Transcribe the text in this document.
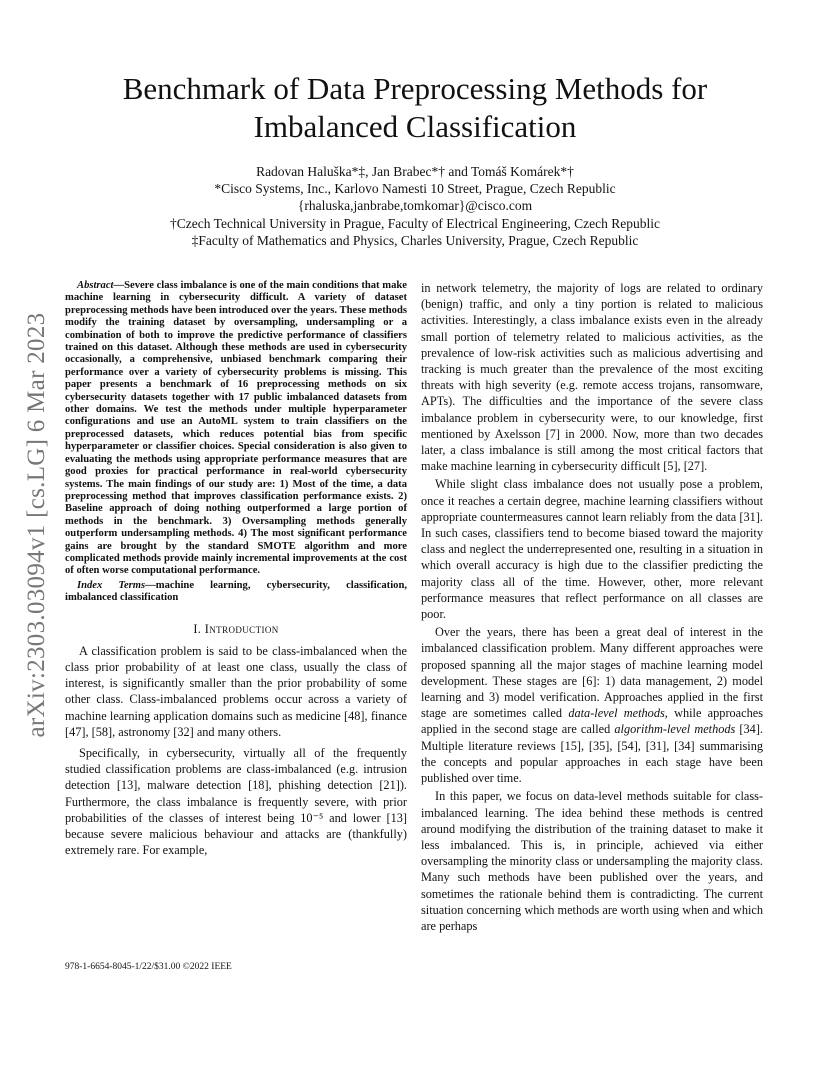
arXiv:2303.03094v1 [cs.LG] 6 Mar 2023
Benchmark of Data Preprocessing Methods for
Imbalanced Classification
Radovan Haluška*‡, Jan Brabec*† and Tomáš Komárek*†
*Cisco Systems, Inc., Karlovo Namesti 10 Street, Prague, Czech Republic
{rhaluska,janbrabe,tomkomar}@cisco.com
†Czech Technical University in Prague, Faculty of Electrical Engineering, Czech Republic
‡Faculty of Mathematics and Physics, Charles University, Prague, Czech Republic

Abstract—Severe class imbalance is one of the main conditions that make machine learning in cybersecurity difficult. A variety of dataset preprocessing methods have been introduced over the years. These methods modify the training dataset by oversampling, undersampling or a combination of both to improve the predictive performance of classifiers trained on this dataset. Although these methods are used in cybersecurity occasionally, a comprehensive, unbiased benchmark comparing their performance over a variety of cybersecurity problems is missing. This paper presents a benchmark of 16 preprocessing methods on six cybersecurity datasets together with 17 public imbalanced datasets from other domains. We test the methods under multiple hyperparameter configurations and use an AutoML system to train classifiers on the preprocessed datasets, which reduces potential bias from specific hyperparameter or classifier choices. Special consideration is also given to evaluating the methods using appropriate performance measures that are good proxies for practical performance in real-world cybersecurity systems. The main findings of our study are: 1) Most of the time, a data preprocessing method that improves classification performance exists. 2) Baseline approach of doing nothing outperformed a large portion of methods in the benchmark. 3) Oversampling methods generally outperform undersampling methods. 4) The most significant performance gains are brought by the standard SMOTE algorithm and more complicated methods provide mainly incremental improvements at the cost of often worse computational performance.

Index Terms—machine learning, cybersecurity, classification, imbalanced classification

I. Introduction

A classification problem is said to be class-imbalanced when the class prior probability of at least one class, usually the class of interest, is significantly smaller than the prior probability of some other class. Class-imbalanced problems occur across a variety of machine learning application domains such as medicine [48], finance [47], [58], astronomy [32] and many others.

Specifically, in cybersecurity, virtually all of the frequently studied classification problems are class-imbalanced (e.g. intrusion detection [13], malware detection [18], phishing detection [21]). Furthermore, the class imbalance is frequently severe, with prior probabilities of the classes of interest being 10⁻⁵ and lower [13] because severe malicious behaviour and attacks are (thankfully) extremely rare. For example,

in network telemetry, the majority of logs are related to ordinary (benign) traffic, and only a tiny portion is related to malicious activities. Interestingly, a class imbalance exists even in the already small portion of telemetry related to malicious activities, as the prevalence of low-risk activities such as malicious advertising and tracking is much greater than the prevalence of the most exciting threats with high severity (e.g. remote access trojans, ransomware, APTs). The difficulties and the importance of the severe class imbalance problem in cybersecurity were, to our knowledge, first mentioned by Axelsson [7] in 2000. Now, more than two decades later, a class imbalance is still among the most critical factors that make machine learning in cybersecurity difficult [5], [27].

While slight class imbalance does not usually pose a problem, once it reaches a certain degree, machine learning classifiers without appropriate countermeasures cannot learn reliably from the data [31]. In such cases, classifiers tend to become biased toward the majority class and neglect the underrepresented one, resulting in a situation in which overall accuracy is high due to the classifier predicting the majority class all of the time. However, other, more relevant performance measures that reflect performance on all classes are poor.

Over the years, there has been a great deal of interest in the imbalanced classification problem. Many different approaches were proposed spanning all the major stages of machine learning model development. These stages are [6]: 1) data management, 2) model learning and 3) model verification. Approaches applied in the first stage are sometimes called data-level methods, while approaches applied in the second stage are called algorithm-level methods [34]. Multiple literature reviews [15], [35], [54], [31], [34] summarising the concepts and popular approaches in each stage have been published over time.

In this paper, we focus on data-level methods suitable for class-imbalanced learning. The idea behind these methods is centred around modifying the distribution of the training dataset to make it less imbalanced. This is, in principle, achieved via either oversampling the minority class or undersampling the majority class. Many such methods have been published over the years, and sometimes the rationale behind them is contradicting. The current situation concerning which methods are worth using when and which are perhaps

978-1-6654-8045-1/22/$31.00 ©2022 IEEE
